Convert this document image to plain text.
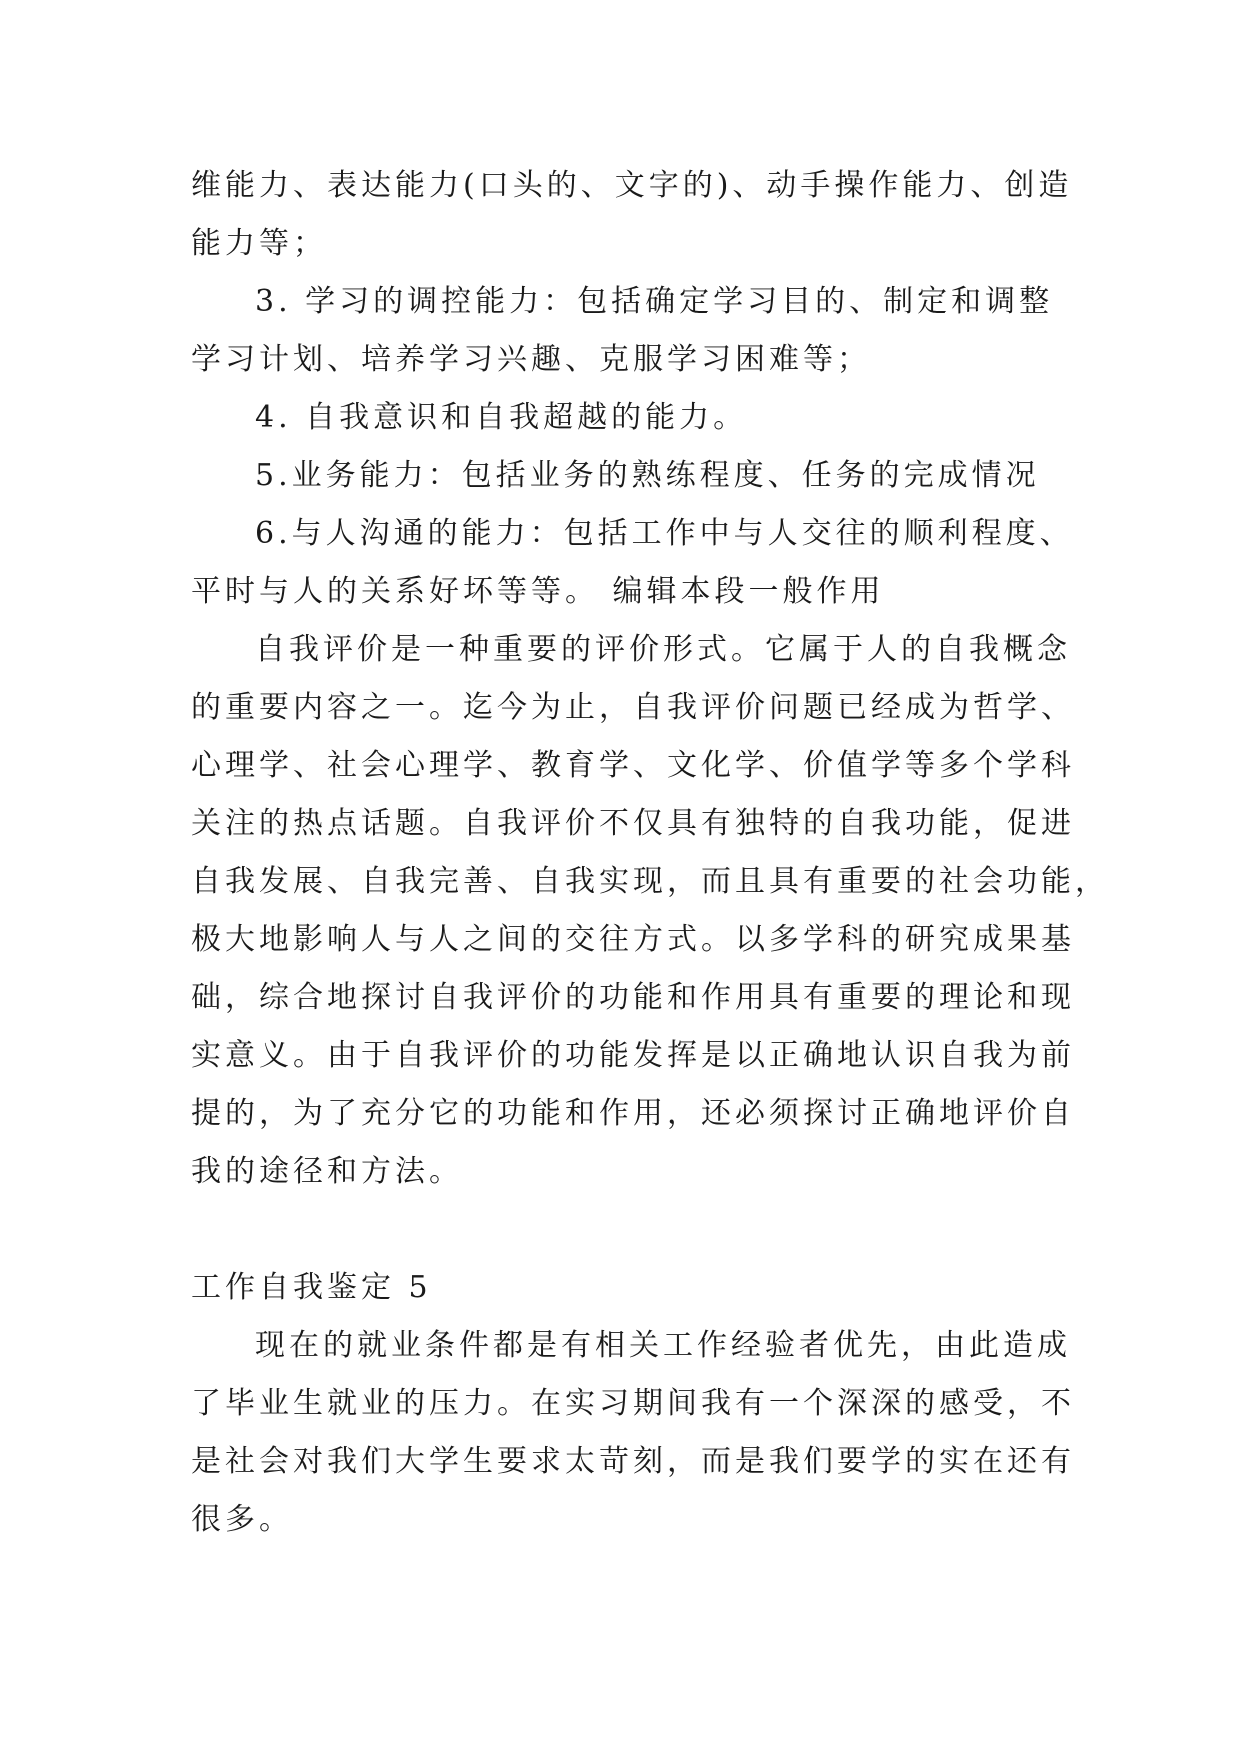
维能力、表达能力(口头的、文字的)、动手操作能力、创造
能力等；
3. 学习的调控能力：包括确定学习目的、制定和调整
学习计划、培养学习兴趣、克服学习困难等；
4. 自我意识和自我超越的能力。
5.业务能力：包括业务的熟练程度、任务的完成情况
6.与人沟通的能力：包括工作中与人交往的顺利程度、
平时与人的关系好坏等等。 编辑本段一般作用
自我评价是一种重要的评价形式。它属于人的自我概念
的重要内容之一。迄今为止，自我评价问题已经成为哲学、
心理学、社会心理学、教育学、文化学、价值学等多个学科
关注的热点话题。自我评价不仅具有独特的自我功能，促进
自我发展、自我完善、自我实现，而且具有重要的社会功能，
极大地影响人与人之间的交往方式。以多学科的研究成果基
础，综合地探讨自我评价的功能和作用具有重要的理论和现
实意义。由于自我评价的功能发挥是以正确地认识自我为前
提的，为了充分它的功能和作用，还必须探讨正确地评价自
我的途径和方法。
工作自我鉴定 5
现在的就业条件都是有相关工作经验者优先，由此造成
了毕业生就业的压力。在实习期间我有一个深深的感受，不
是社会对我们大学生要求太苛刻，而是我们要学的实在还有
很多。
